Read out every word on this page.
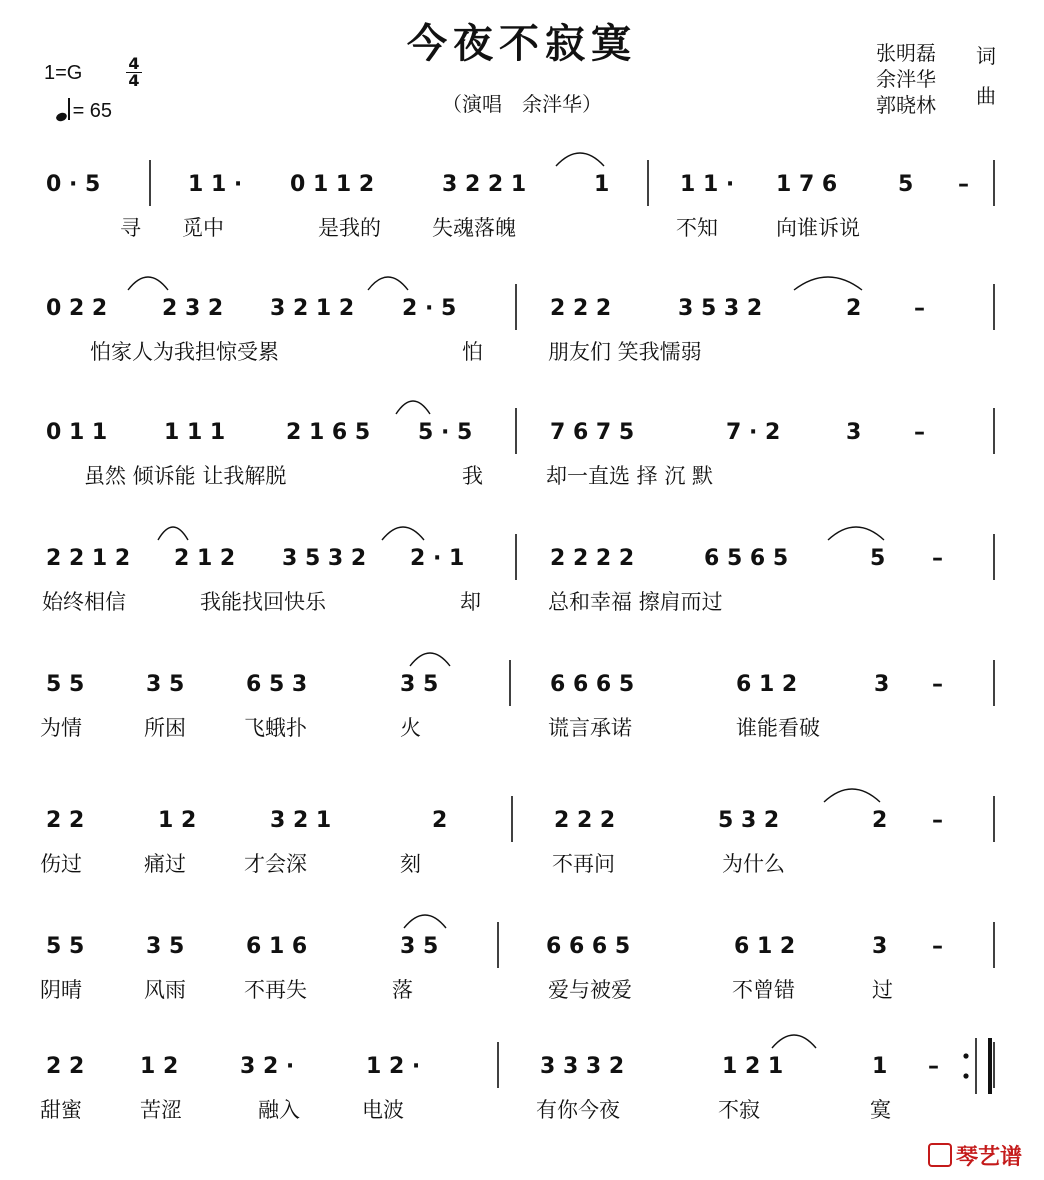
今夜不寂寞
（演唱　余泮华）
1=G	4
4
= 65
张明磊
余泮华
郭晓林
词
曲
0 · 5	1 1 · 0 1 1 2	3 2 2 1	1	1 1 · 1 7 6	5 –
寻 觅中	是我的 失魂落魄	不知	向谁诉说
0 2 2 2 3 2 3 2 1 2 2 · 5	2 2 2	3 5 3 2	2 –
怕家人为我担惊受累	怕	朋友们 笑我懦弱
0 1 1	1 1 1	2 1 6 5 5 · 5	7 6 7 5	7 · 2	3 –
虽然 倾诉能 让我解脱	我	却一直选 择 沉 默
2 2 1 2 2 1 2 3 5 3 2 2 · 1	2 2 2 2	6 5 6 5	5 –
始终相信	我能找回快乐	却	总和幸福 擦肩而过
5 5	3 5	6 5 3	3 5	6 6 6 5	6 1 2	3 –
为情	所困	飞蛾扑	火	谎言承诺	谁能看破
2 2	1 2	3 2 1	2	2 2 2	5 3 2	2 –
伤过	痛过	才会深	刻	不再问	为什么
5 5	3 5	6 1 6	3 5	6 6 6 5	6 1 2	3 –
阴晴	风雨	不再失	落	爱与被爱	不曾错	过
2 2	1 2	3 2 ·	1 2 ·	3 3 3 2	1 2 1	1 –
甜蜜	苦涩	融入	电波	有你今夜	不寂	寞
琴艺谱
